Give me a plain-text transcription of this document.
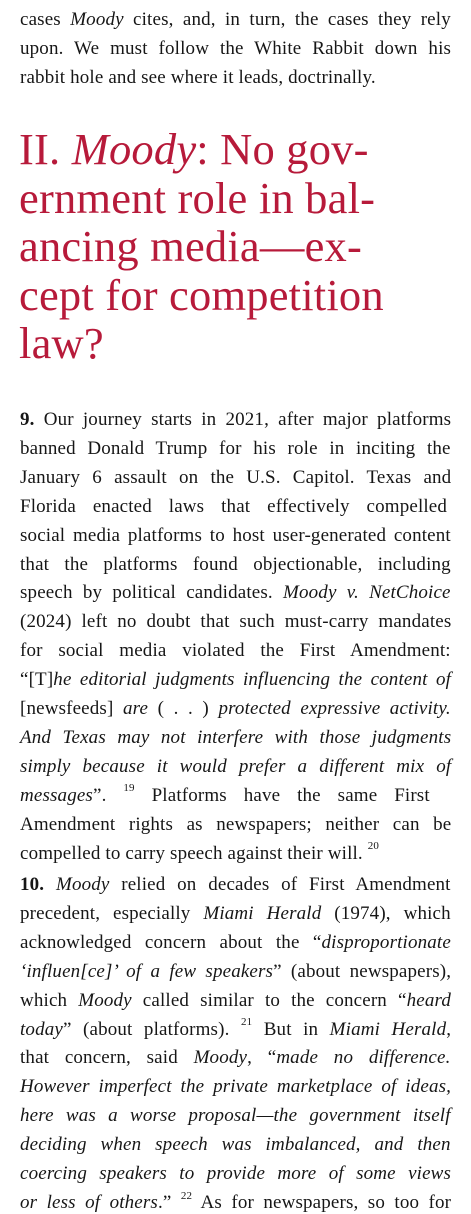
cases Moody cites, and, in turn, the cases they rely
upon. We must follow the White Rabbit down his
rabbit hole and see where it leads, doctrinally.
II. Moody: No gov-
ernment role in bal-
ancing media—ex-
cept for competition
law?
9. Our journey starts in 2021, after major platforms
banned Donald Trump for his role in inciting the
January 6 assault on the U.S. Capitol. Texas and
Florida enacted laws that effectively compelled
social media platforms to host user-generated content
that the platforms found objectionable, including
speech by political candidates. Moody v. NetChoice
(2024) left no doubt that such must-carry mandates
for social media violated the First Amendment:
“[T]he editorial judgments influencing the content of
[newsfeeds] are ( . . ) protected expressive activity.
And Texas may not interfere with those judgments
simply because it would prefer a different mix of
messages”. $^{19}$ Platforms have the same First
Amendment rights as newspapers; neither can be
compelled to carry speech against their will. $^{20}$
10. Moody relied on decades of First Amendment
precedent, especially Miami Herald (1974), which
acknowledged concern about the “disproportionate
‘influen[ce]’ of a few speakers” (about newspapers),
which Moody called similar to the concern “heard
today” (about platforms). $^{21}$ But in Miami Herald,
that concern, said Moody, “made no difference.
However imperfect the private marketplace of ideas,
here was a worse proposal—the government itself
deciding when speech was imbalanced, and then
coercing speakers to provide more of some views
or less of others.” $^{22}$ As for newspapers, so too for
